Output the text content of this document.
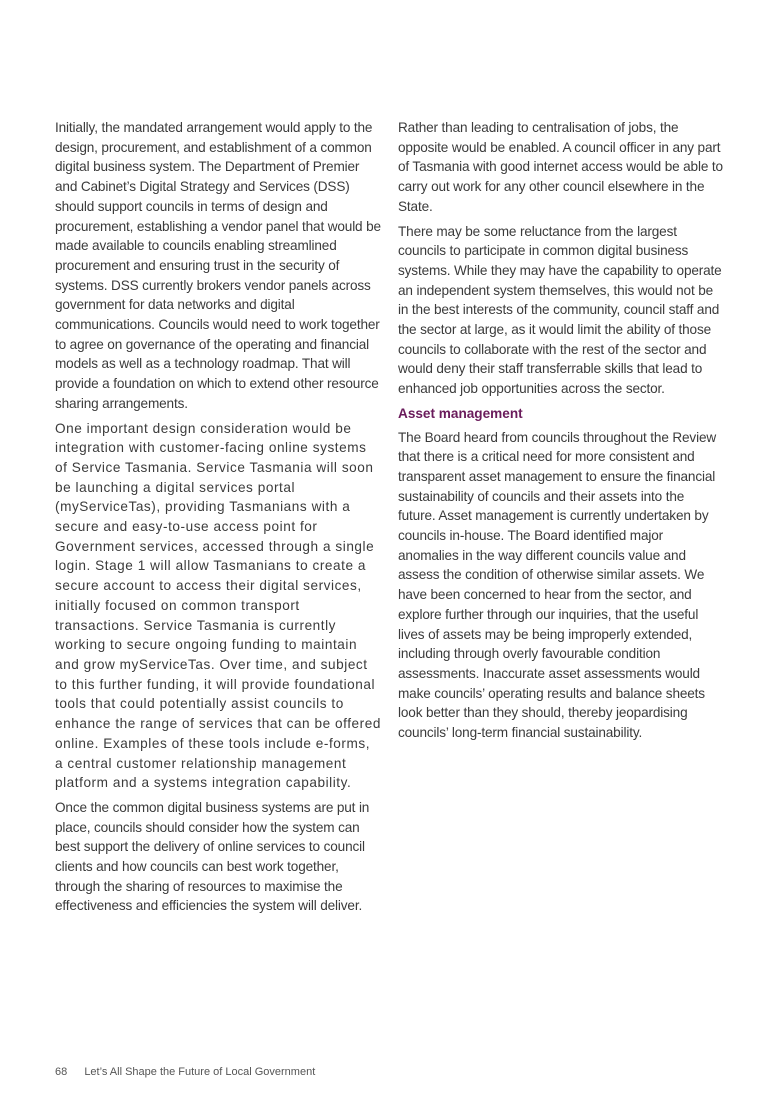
Initially, the mandated arrangement would apply to the design, procurement, and establishment of a common digital business system. The Department of Premier and Cabinet’s Digital Strategy and Services (DSS) should support councils in terms of design and procurement, establishing a vendor panel that would be made available to councils enabling streamlined procurement and ensuring trust in the security of systems. DSS currently brokers vendor panels across government for data networks and digital communications. Councils would need to work together to agree on governance of the operating and financial models as well as a technology roadmap. That will provide a foundation on which to extend other resource sharing arrangements.

One important design consideration would be integration with customer-facing online systems of Service Tasmania. Service Tasmania will soon be launching a digital services portal (myServiceTas), providing Tasmanians with a secure and easy-to-use access point for Government services, accessed through a single login. Stage 1 will allow Tasmanians to create a secure account to access their digital services, initially focused on common transport transactions. Service Tasmania is currently working to secure ongoing funding to maintain and grow myServiceTas. Over time, and subject to this further funding, it will provide foundational tools that could potentially assist councils to enhance the range of services that can be offered online. Examples of these tools include e-forms, a central customer relationship management platform and a systems integration capability.

Once the common digital business systems are put in place, councils should consider how the system can best support the delivery of online services to council clients and how councils can best work together, through the sharing of resources to maximise the effectiveness and efficiencies the system will deliver.

Rather than leading to centralisation of jobs, the opposite would be enabled. A council officer in any part of Tasmania with good internet access would be able to carry out work for any other council elsewhere in the State.

There may be some reluctance from the largest councils to participate in common digital business systems. While they may have the capability to operate an independent system themselves, this would not be in the best interests of the community, council staff and the sector at large, as it would limit the ability of those councils to collaborate with the rest of the sector and would deny their staff transferrable skills that lead to enhanced job opportunities across the sector.

Asset management

The Board heard from councils throughout the Review that there is a critical need for more consistent and transparent asset management to ensure the financial sustainability of councils and their assets into the future. Asset management is currently undertaken by councils in-house. The Board identified major anomalies in the way different councils value and assess the condition of otherwise similar assets. We have been concerned to hear from the sector, and explore further through our inquiries, that the useful lives of assets may be being improperly extended, including through overly favourable condition assessments. Inaccurate asset assessments would make councils’ operating results and balance sheets look better than they should, thereby jeopardising councils’ long-term financial sustainability.

68 Let’s All Shape the Future of Local Government
